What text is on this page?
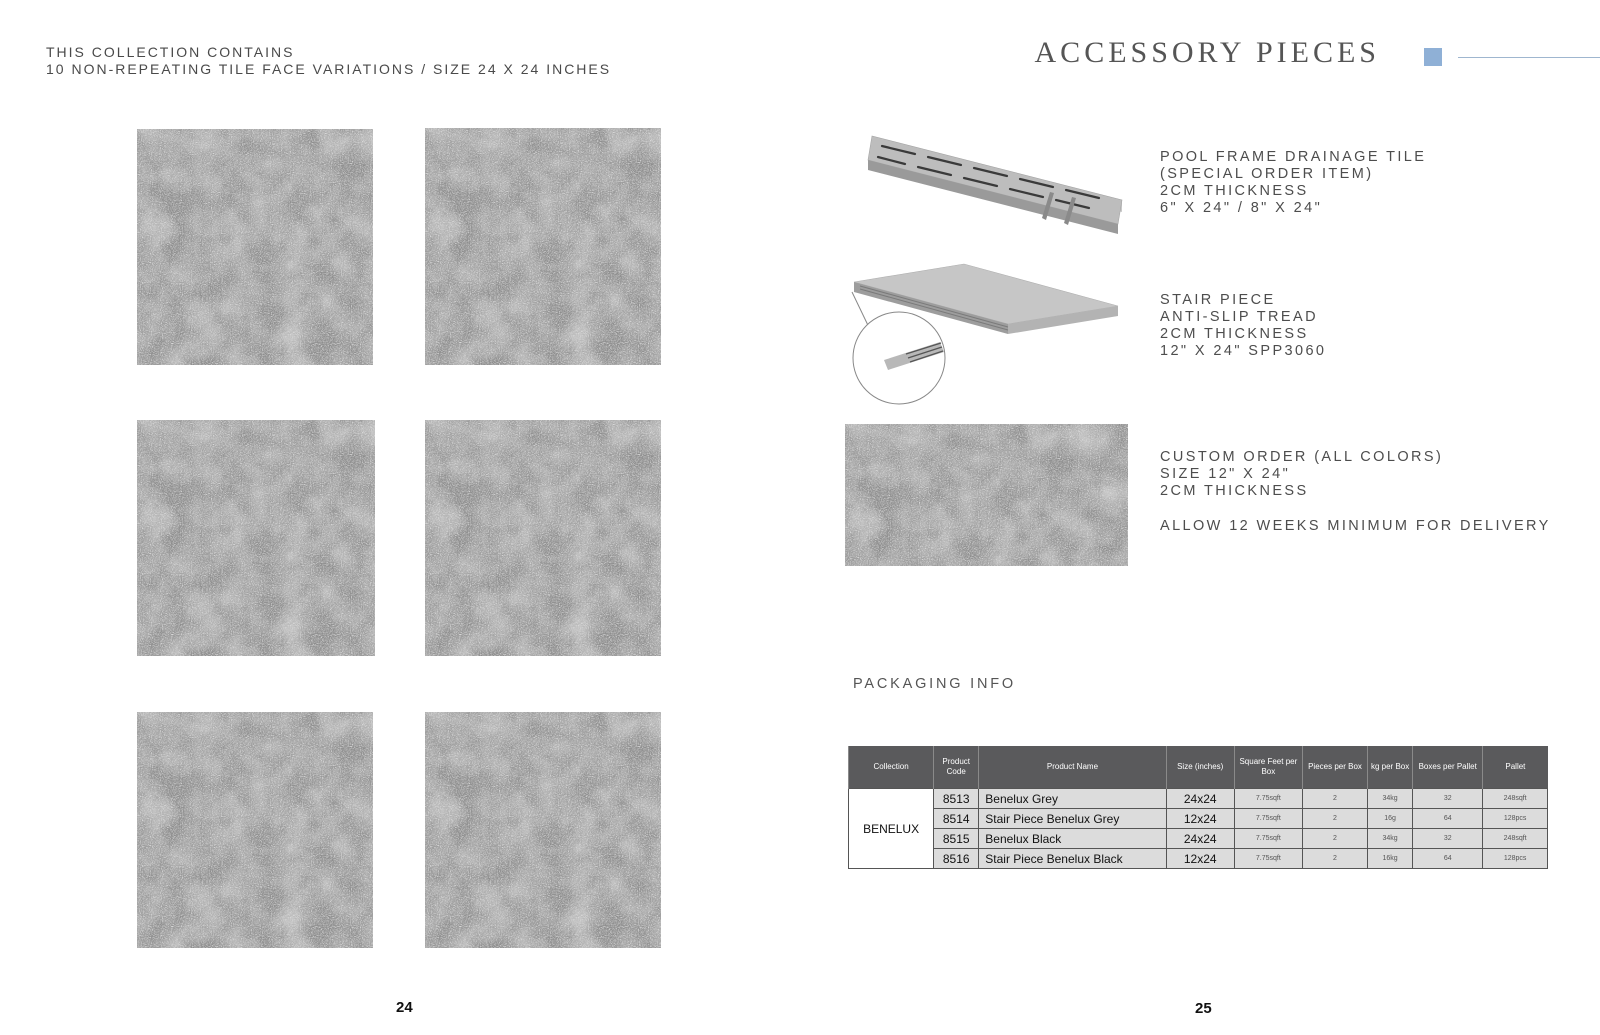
THIS COLLECTION CONTAINS
10 NON-REPEATING TILE FACE VARIATIONS / SIZE 24 X 24 INCHES
24
ACCESSORY PIECES
POOL FRAME DRAINAGE TILE
(SPECIAL ORDER ITEM)
2CM THICKNESS
6" X 24" / 8" X 24"
STAIR PIECE
ANTI-SLIP TREAD
2CM THICKNESS
12" X 24" SPP3060
CUSTOM ORDER (ALL COLORS)
SIZE 12" X 24"
2CM THICKNESS
ALLOW 12 WEEKS MINIMUM FOR DELIVERY
PACKAGING INFO
Collection	Product Code	Product Name	Size (inches)	Square Feet per Box	Pieces per Box	kg per Box	Boxes per Pallet	Pallet
BENELUX	8513	Benelux Grey	24x24	7.75sqft	2	34kg	32	248sqft
	8514	Stair Piece Benelux Grey	12x24	7.75sqft	2	16g	64	128pcs
	8515	Benelux Black	24x24	7.75sqft	2	34kg	32	248sqft
	8516	Stair Piece Benelux Black	12x24	7.75sqft	2	16kg	64	128pcs
25
